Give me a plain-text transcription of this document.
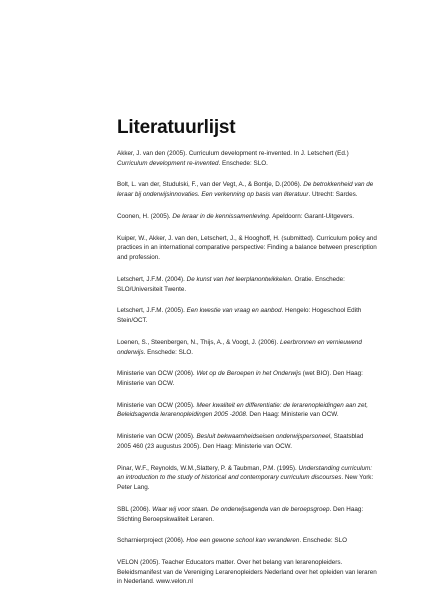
Literatuurlijst
Akker, J. van den (2005). Curriculum development re-invented. In J. Letschert (Ed.) Curriculum development re-invented. Enschede: SLO.
Bolt, L. van der, Studulski, F., van der Vegt, A., & Bontje, D.(2006). De betrokkenheid van de leraar bij onderwijsinnovaties. Een verkenning op basis van literatuur. Utrecht: Sardes.
Coonen, H. (2005). De leraar in de kennissamenleving. Apeldoorn: Garant-Uitgevers.
Kuiper, W., Akker, J. van den, Letschert, J., & Hooghoff, H. (submitted). Curriculum policy and practices in an international comparative perspective: Finding a balance between prescription and profession.
Letschert, J.F.M. (2004). De kunst van het leerplanontwikkelen. Oratie. Enschede: SLO/Universiteit Twente.
Letschert, J.F.M. (2005). Een kwestie van vraag en aanbod. Hengelo: Hogeschool Edith Stein/OCT.
Loenen, S., Steenbergen, N., Thijs, A., & Voogt, J. (2006). Leerbronnen en vernieuwend onderwijs. Enschede: SLO.
Ministerie van OCW (2006). Wet op de Beroepen in het Onderwijs (wet BIO). Den Haag: Ministerie van OCW.
Ministerie van OCW (2005). Meer kwaliteit en differentiatie: de lerarenopleidingen aan zet, Beleidsagenda lerarenopleidingen 2005 -2008. Den Haag: Ministerie van OCW.
Ministerie van OCW (2005). Besluit bekwaamheidseisen onderwijspersoneel, Staatsblad 2005 460 (23 augustus 2005). Den Haag: Ministerie van OCW.
Pinar, W.F., Reynolds, W.M.,Slattery, P. & Taubman, P.M. (1995). Understanding curriculum: an introduction to the study of historical and contemporary curriculum discourses. New York: Peter Lang.
SBL (2006). Waar wij voor staan. De onderwijsagenda van de beroepsgroep. Den Haag: Stichting Beroepskwaliteit Leraren.
Scharnierproject (2006). Hoe een gewone school kan veranderen. Enschede: SLO
VELON (2005). Teacher Educators matter. Over het belang van lerarenopleiders. Beleidsmanifest van de Vereniging Lerarenopleiders Nederland over het opleiden van leraren in Nederland. www.velon.nl
